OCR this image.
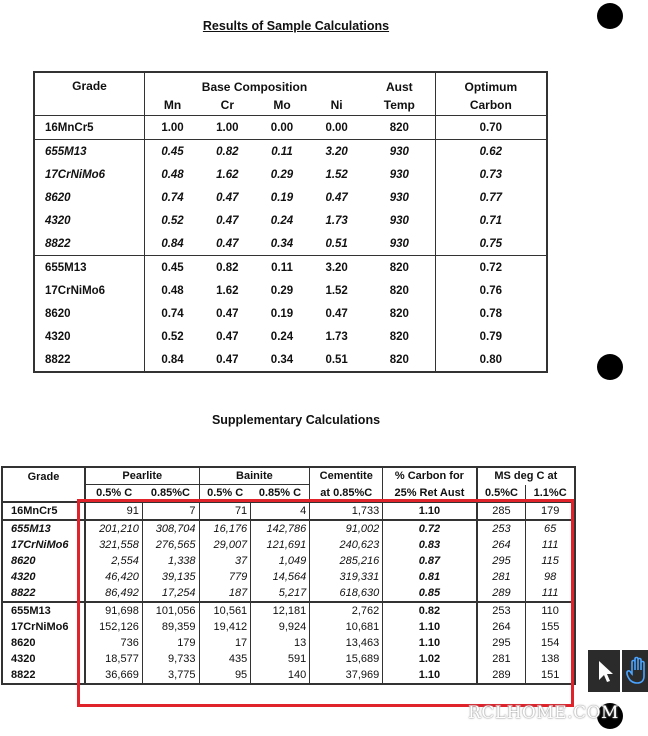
Results of Sample Calculations
Grade	Base Composition				Aust	Optimum
	Mn	Cr	Mo	Ni	Temp	Carbon
16MnCr5	1.00	1.00	0.00	0.00	820	0.70
655M13	0.45	0.82	0.11	3.20	930	0.62
17CrNiMo6	0.48	1.62	0.29	1.52	930	0.73
8620	0.74	0.47	0.19	0.47	930	0.77
4320	0.52	0.47	0.24	1.73	930	0.71
8822	0.84	0.47	0.34	0.51	930	0.75
655M13	0.45	0.82	0.11	3.20	820	0.72
17CrNiMo6	0.48	1.62	0.29	1.52	820	0.76
8620	0.74	0.47	0.19	0.47	820	0.78
4320	0.52	0.47	0.24	1.73	820	0.79
8822	0.84	0.47	0.34	0.51	820	0.80
Supplementary Calculations
Grade	Pearlite		Bainite		Cementite	% Carbon for	MS deg C at	
	0.5% C	0.85%C	0.5% C	0.85% C	at 0.85%C	25% Ret Aust	0.5%C	1.1%C
16MnCr5	91	7	71	4	1,733	1.10	285	179
655M13	201,210	308,704	16,176	142,786	91,002	0.72	253	65
17CrNiMo6	321,558	276,565	29,007	121,691	240,623	0.83	264	111
8620	2,554	1,338	37	1,049	285,216	0.87	295	115
4320	46,420	39,135	779	14,564	319,331	0.81	281	98
8822	86,492	17,254	187	5,217	618,630	0.85	289	111
655M13	91,698	101,056	10,561	12,181	2,762	0.82	253	110
17CrNiMo6	152,126	89,359	19,412	9,924	10,681	1.10	264	155
8620	736	179	17	13	13,463	1.10	295	154
4320	18,577	9,733	435	591	15,689	1.02	281	138
8822	36,669	3,775	95	140	37,969	1.10	289	151
RCLHOME.COM
